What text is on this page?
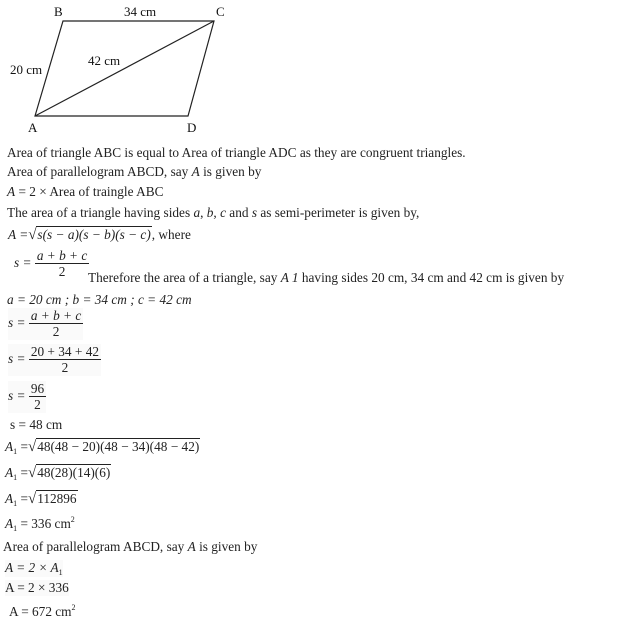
B	34 cm	C
20 cm
42 cm
A	D
Area of triangle ABC is equal to Area of triangle ADC as they are congruent triangles.
Area of parallelogram ABCD, say A is given by
A = 2 × Area of traingle ABC
The area of a triangle having sides a, b, c and s as semi-perimeter is given by,
A =√s(s − a)(s − b)(s − c), where
$s = \frac{a + b + c}{2}$
Therefore the area of a triangle, say A 1 having sides 20 cm, 34 cm and 42 cm is given by
a = 20 cm ; b = 34 cm ; c = 42 cm
$s = \frac{a + b + c}{2}$
$s = \frac{20 + 34 + 42}{2}$
$s = \frac{96}{2}$
s = 48 cm
$A_1 =√48(48 - 20)(48 - 34)(48 - 42)$
$A_1 =√48(28)(14)(6)$
$A_1 =√112896$
$A_1 = 336$ $cm^2$
Area of parallelogram ABCD, say A is given by
$A = 2 \times A_1$
A = 2 × 336
A = 672 $cm^2$
